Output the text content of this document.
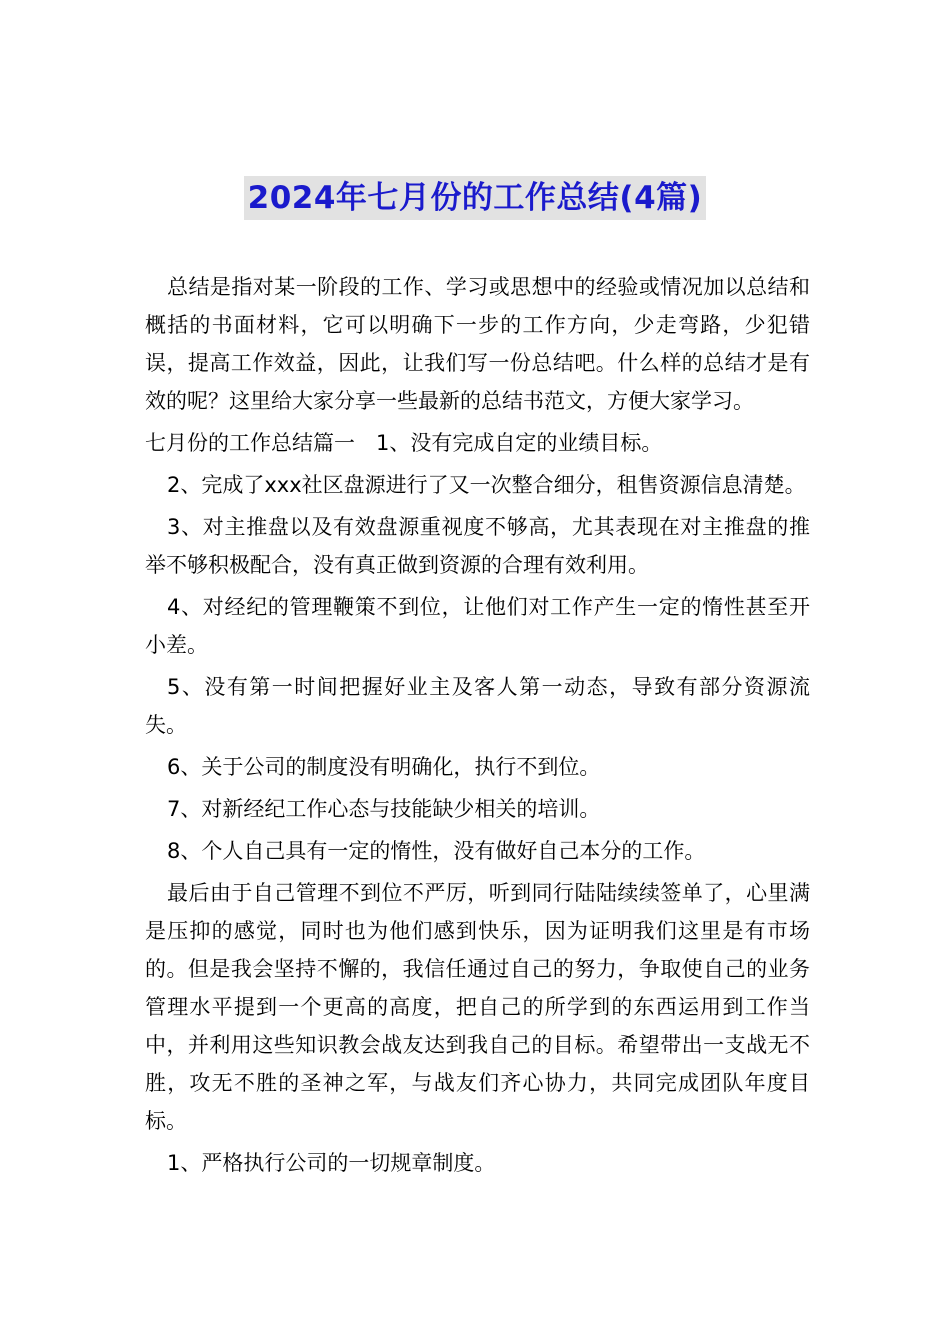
2024年七月份的工作总结(4篇)

总结是指对某一阶段的工作、学习或思想中的经验或情况加以总结和概括的书面材料，它可以明确下一步的工作方向，少走弯路，少犯错误，提高工作效益，因此，让我们写一份总结吧。什么样的总结才是有效的呢？这里给大家分享一些最新的总结书范文，方便大家学习。

七月份的工作总结篇一　1、没有完成自定的业绩目标。

2、完成了xxx社区盘源进行了又一次整合细分，租售资源信息清楚。

3、对主推盘以及有效盘源重视度不够高，尤其表现在对主推盘的推举不够积极配合，没有真正做到资源的合理有效利用。

4、对经纪的管理鞭策不到位，让他们对工作产生一定的惰性甚至开小差。

5、没有第一时间把握好业主及客人第一动态，导致有部分资源流失。

6、关于公司的制度没有明确化，执行不到位。

7、对新经纪工作心态与技能缺少相关的培训。

8、个人自己具有一定的惰性，没有做好自己本分的工作。

最后由于自己管理不到位不严厉，听到同行陆陆续续签单了，心里满是压抑的感觉，同时也为他们感到快乐，因为证明我们这里是有市场的。但是我会坚持不懈的，我信任通过自己的努力，争取使自己的业务管理水平提到一个更高的高度，把自己的所学到的东西运用到工作当中，并利用这些知识教会战友达到我自己的目标。希望带出一支战无不胜，攻无不胜的圣神之军，与战友们齐心协力，共同完成团队年度目标。

1、严格执行公司的一切规章制度。
